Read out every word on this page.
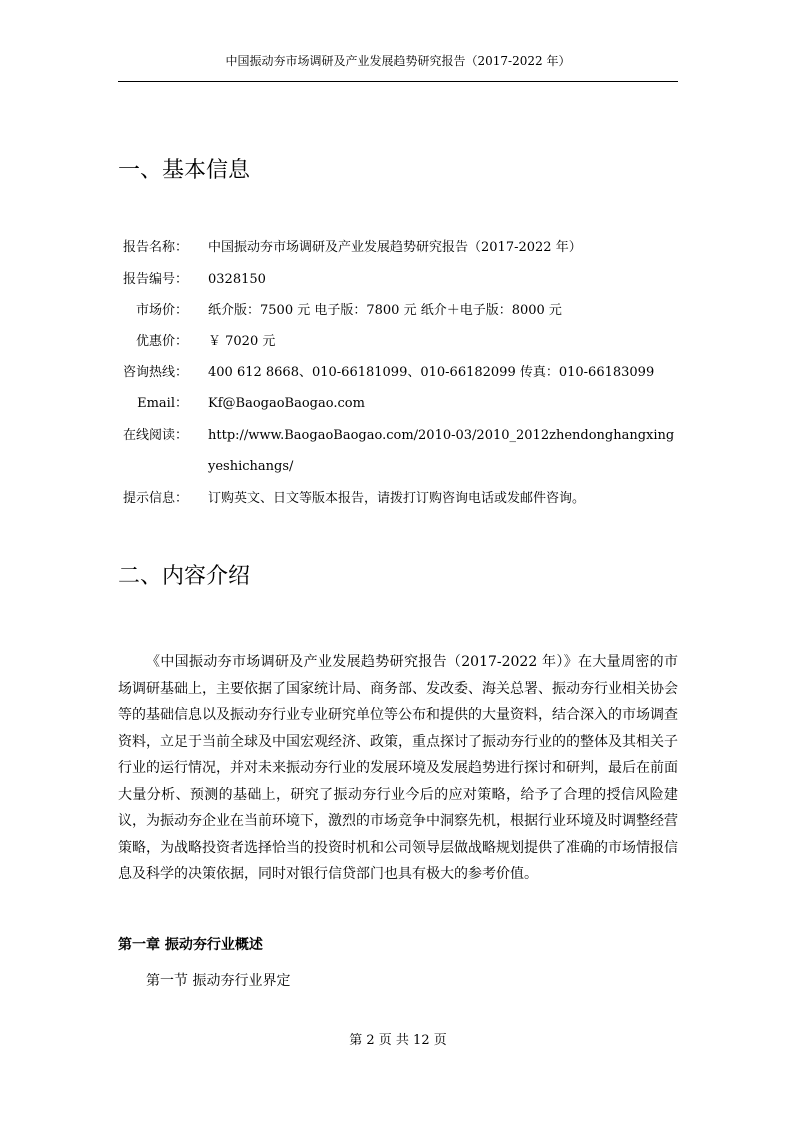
中国振动夯市场调研及产业发展趋势研究报告（2017-2022 年）
一、基本信息
报告名称： 中国振动夯市场调研及产业发展趋势研究报告（2017-2022 年）
报告编号： 0328150
市场价： 纸介版：7500 元 电子版：7800 元 纸介＋电子版：8000 元
优惠价： ￥ 7020 元
咨询热线： 400 612 8668、010-66181099、010-66182099 传真：010-66183099
Email： Kf@BaogaoBaogao.com
在线阅读： http://www.BaogaoBaogao.com/2010-03/2010_2012zhendonghangxingyeshichangs/
提示信息： 订购英文、日文等版本报告，请拨打订购咨询电话或发邮件咨询。
二、内容介绍
《中国振动夯市场调研及产业发展趋势研究报告（2017-2022 年）》在大量周密的市场调研基础上，主要依据了国家统计局、商务部、发改委、海关总署、振动夯行业相关协会等的基础信息以及振动夯行业专业研究单位等公布和提供的大量资料，结合深入的市场调查资料，立足于当前全球及中国宏观经济、政策，重点探讨了振动夯行业的的整体及其相关子行业的运行情况，并对未来振动夯行业的发展环境及发展趋势进行探讨和研判，最后在前面大量分析、预测的基础上，研究了振动夯行业今后的应对策略，给予了合理的授信风险建议，为振动夯企业在当前环境下，激烈的市场竞争中洞察先机，根据行业环境及时调整经营策略，为战略投资者选择恰当的投资时机和公司领导层做战略规划提供了准确的市场情报信息及科学的决策依据，同时对银行信贷部门也具有极大的参考价值。
第一章 振动夯行业概述
第一节 振动夯行业界定
第 2 页 共 12 页
